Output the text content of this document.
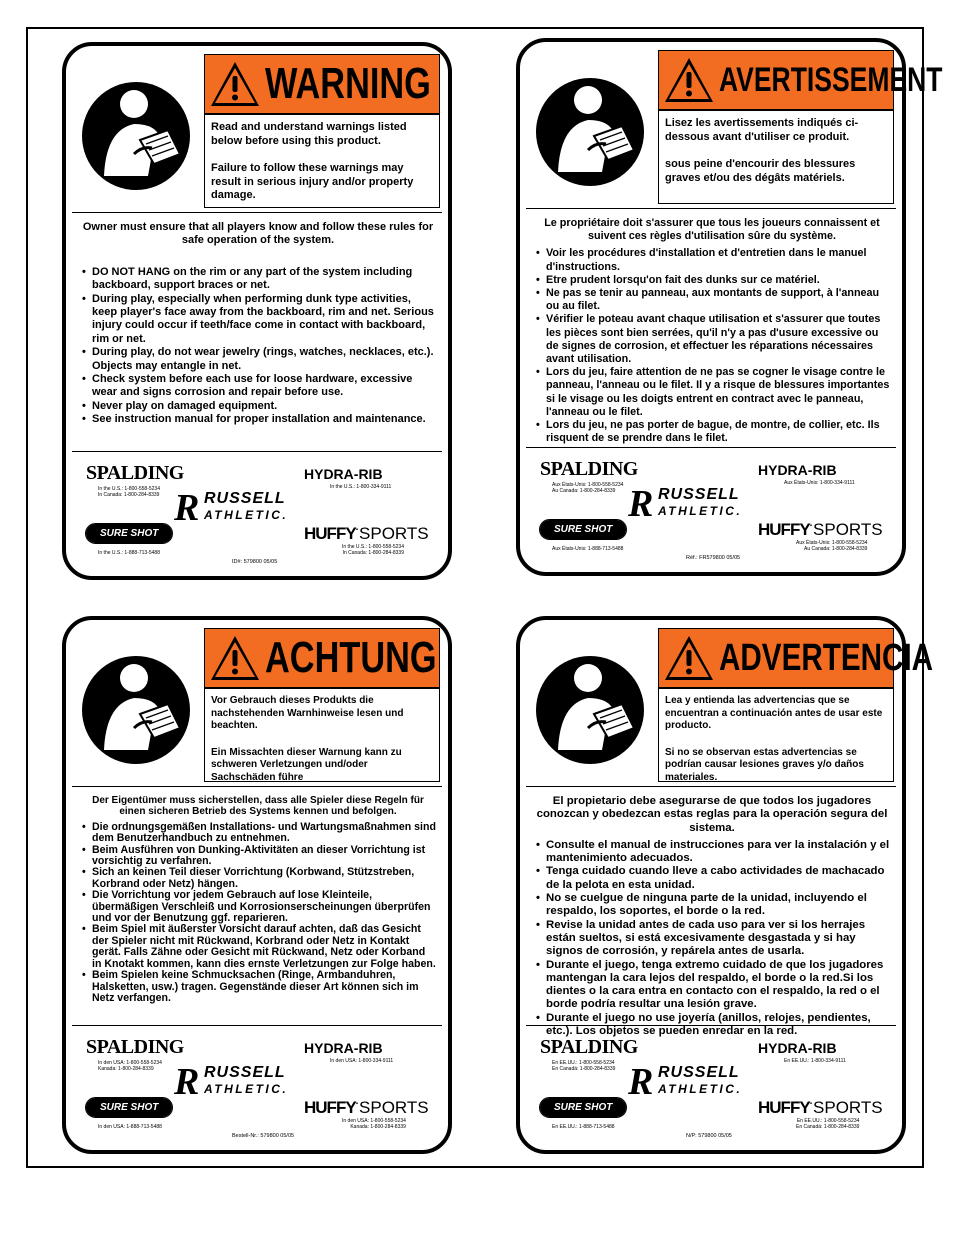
WARNING

Read and understand warnings listed below before using this product.

Failure to follow these warnings may result in serious injury and/or property damage.

Owner must ensure that all players know and follow these rules for safe operation of the system.

• DO NOT HANG on the rim or any part of the system including backboard, support braces or net.
• During play, especially when performing dunk type activities, keep player's face away from the backboard, rim and net. Serious injury could occur if teeth/face come in contact with backboard, rim or net.
• During play, do not wear jewelry (rings, watches, necklaces, etc.). Objects may entangle in net.
• Check system before each use for loose hardware, excessive wear and signs corrosion and repair before use.
• Never play on damaged equipment.
• See instruction manual for proper installation and maintenance.
SPALDING
In the U.S.: 1-800-558-5234
In Canada: 1-800-284-8339
HYDRA-RIB
In the U.S.: 1-800-334-9111
R RUSSELL
ATHLETIC.
SURE SHOT
In the U.S.: 1-888-713-5488
HUFFY·SPORTS
In the U.S.: 1-800-558-5234
In Canada: 1-800-284-8339
ID#: 579800 05/05
AVERTISSEMENT

Lisez les avertissements indiqués ci-dessous avant d'utiliser ce produit.

sous peine d'encourir des blessures graves et/ou des dégâts matériels.

Le propriétaire doit s'assurer que tous les joueurs connaissent et suivent ces règles d'utilisation sûre du système.

• Voir les procédures d'installation et d'entretien dans le manuel d'instructions.
• Etre prudent lorsqu'on fait des dunks sur ce matériel.
• Ne pas se tenir au panneau, aux montants de support, à l'anneau ou au filet.
• Vérifier le poteau avant chaque utilisation et s'assurer que toutes les pièces sont bien serrées, qu'il n'y a pas d'usure excessive ou de signes de corrosion, et effectuer les réparations nécessaires avant utilisation.
• Lors du jeu, faire attention de ne pas se cogner le visage contre le panneau, l'anneau ou le filet. Il y a risque de blessures importantes si le visage ou les doigts entrent en contract avec le panneau, l'anneau ou le filet.
• Lors du jeu, ne pas porter de bague, de montre, de collier, etc. Ils risquent de se prendre dans le filet.
SPALDING
Aux États-Unis: 1-800-558-5234
Au Canada: 1-800-284-8339
HYDRA-RIB
Aux États-Unis: 1-800-334-9111
R RUSSELL
ATHLETIC.
SURE SHOT
Aux États-Unis: 1-888-713-5488
HUFFY·SPORTS
Aux États-Unis: 1-800-558-5234
Au Canada: 1-800-284-8339
Réf.: FR579800 05/05
ACHTUNG

Vor Gebrauch dieses Produkts die nachstehenden Warnhinweise lesen und beachten.

Ein Missachten dieser Warnung kann zu schweren Verletzungen und/oder Sachschäden führe

Der Eigentümer muss sicherstellen, dass alle Spieler diese Regeln für einen sicheren Betrieb des Systems kennen und befolgen.

• Die ordnungsgemäßen Installations- und Wartungsmaßnahmen sind dem Benutzerhandbuch zu entnehmen.
• Beim Ausführen von Dunking-Aktivitäten an dieser Vorrichtung ist vorsichtig zu verfahren.
• Sich an keinen Teil dieser Vorrichtung (Korbwand, Stützstreben, Korbrand oder Netz) hängen.
• Die Vorrichtung vor jedem Gebrauch auf lose Kleinteile, übermäßigen Verschleiß und Korrosionserscheinungen überprüfen und vor der Benutzung ggf. reparieren.
• Beim Spiel mit äußerster Vorsicht darauf achten, daß das Gesicht der Spieler nicht mit Rückwand, Korbrand oder Netz in Kontakt gerät. Falls Zähne oder Gesicht mit Rückwand, Netz oder Korband in Knotakt kommen, kann dies ernste Verletzungen zur Folge haben.
• Beim Spielen keine Schmucksachen (Ringe, Armbanduhren, Halsketten, usw.) tragen. Gegenstände dieser Art können sich im Netz verfangen.
SPALDING
In den USA: 1-800-558-5234
Kanada: 1-800-284-8339
HYDRA-RIB
In den USA: 1-800-334-9111
R RUSSELL
ATHLETIC.
SURE SHOT
In den USA: 1-888-713-5488
HUFFY·SPORTS
In den USA: 1-800-558-5234
Kanada: 1-800-284-8339
Bestell-Nr.: 579800 05/05
ADVERTENCIA

Lea y entienda las advertencias que se encuentran a continuación antes de usar este producto.

Si no se observan estas advertencias se podrían causar lesiones graves y/o daños materiales.

El propietario debe asegurarse de que todos los jugadores conozcan y obedezcan estas reglas para la operación segura del sistema.

• Consulte el manual de instrucciones para ver la instalación y el mantenimiento adecuados.
• Tenga cuidado cuando lleve a cabo actividades de machacado de la pelota en esta unidad.
• No se cuelgue de ninguna parte de la unidad, incluyendo el respaldo, los soportes, el borde o la red.
• Revise la unidad antes de cada uso para ver si los herrajes están sueltos, si está excesivamente desgastada y si hay signos de corrosión, y repárela antes de usarla.
• Durante el juego, tenga extremo cuidado de que los jugadores mantengan la cara lejos del respaldo, el borde o la red.Si los dientes o la cara entra en contacto con el respaldo, la red o el borde podría resultar una lesión grave.
• Durante el juego no use joyería (anillos, relojes, pendientes, etc.). Los objetos se pueden enredar en la red.
SPALDING
En EE.UU.: 1-800-558-5234
En Canadá: 1-800-284-8339
HYDRA-RIB
En EE.UU.: 1-800-334-9111
R RUSSELL
ATHLETIC.
SURE SHOT
En EE.UU.: 1-888-713-5488
HUFFY·SPORTS
En EE.UU.: 1-800-558-5234
En Canadá: 1-800-284-8339
N/P: 579800 05/05
